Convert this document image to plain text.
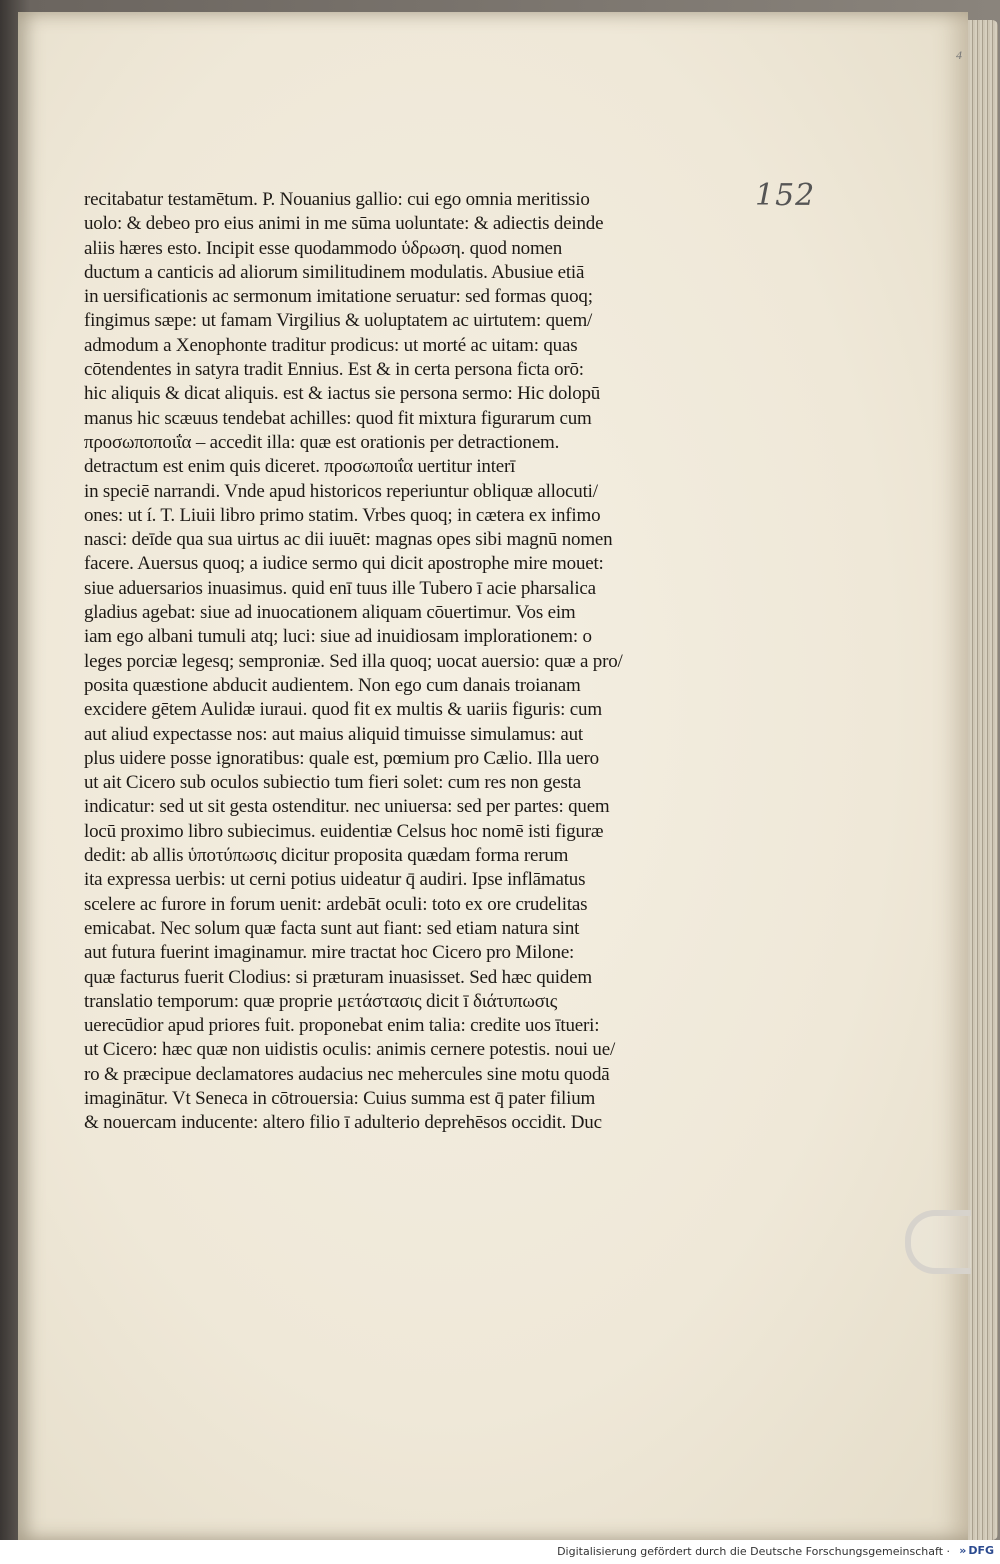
4
152
recitabatur testamētum. P. Nouanius gallio: cui ego omnia meritissio
uolo: & debeo pro eius animi in me sūma uoluntate: & adiectis deinde
aliis hæres esto. Incipit esse quodammodo ὑδρωση. quod nomen
ductum a canticis ad aliorum similitudinem modulatis. Abusiue etiā
in uersificationis ac sermonum imitatione seruatur: sed formas quoq;
fingimus sæpe: ut famam Virgilius & uoluptatem ac uirtutem: quem/
admodum a Xenophonte traditur prodicus: ut morté ac uitam: quas
cōtendentes in satyra tradit Ennius. Est & in certa persona ficta orō:
hic aliquis & dicat aliquis. est & iactus sie persona sermo: Hic dolopū
manus hic scæuus tendebat achilles: quod fit mixtura figurarum cum
προσωποποιΐα – accedit illa: quæ est orationis per detractionem.
detractum est enim quis diceret. προσωποιΐα uertitur interī
in speciē narrandi. Vnde apud historicos reperiuntur obliquæ allocuti/
ones: ut í. T. Liuii libro primo statim. Vrbes quoq; in cætera ex infimo
nasci: deīde qua sua uirtus ac dii iuuēt: magnas opes sibi magnū nomen
facere. Auersus quoq; a iudice sermo qui dicit apostrophe mire mouet:
siue aduersarios inuasimus. quid enī tuus ille Tubero ī acie pharsalica
gladius agebat: siue ad inuocationem aliquam cōuertimur. Vos eim
iam ego albani tumuli atq; luci: siue ad inuidiosam implorationem: o
leges porciæ legesq; semproniæ. Sed illa quoq; uocat auersio: quæ a pro/
posita quæstione abducit audientem. Non ego cum danais troianam
excidere gētem Aulidæ iuraui. quod fit ex multis & uariis figuris: cum
aut aliud expectasse nos: aut maius aliquid timuisse simulamus: aut
plus uidere posse ignoratibus: quale est, pœmium pro Cælio. Illa uero
ut ait Cicero sub oculos subiectio tum fieri solet: cum res non gesta
indicatur: sed ut sit gesta ostenditur. nec uniuersa: sed per partes: quem
locū proximo libro subiecimus. euidentiæ Celsus hoc nomē isti figuræ
dedit: ab allis ὑποτύπωσις dicitur proposita quædam forma rerum
ita expressa uerbis: ut cerni potius uideatur q̄ audiri. Ipse inflāmatus
scelere ac furore in forum uenit: ardebāt oculi: toto ex ore crudelitas
emicabat. Nec solum quæ facta sunt aut fiant: sed etiam natura sint
aut futura fuerint imaginamur. mire tractat hoc Cicero pro Milone:
quæ facturus fuerit Clodius: si præturam inuasisset. Sed hæc quidem
translatio temporum: quæ proprie μετάστασις dicit ī διάτυπωσις
uerecūdior apud priores fuit. proponebat enim talia: credite uos ītueri:
ut Cicero: hæc quæ non uidistis oculis: animis cernere potestis. noui ue/
ro & præcipue declamatores audacius nec mehercules sine motu quodā
imaginātur. Vt Seneca in cōtrouersia: Cuius summa est q̄ pater filium
& nouercam inducente: altero filio ī adulterio deprehēsos occidit. Duc
Digitalisierung gefördert durch die Deutsche Forschungsgemeinschaft · » DFG
